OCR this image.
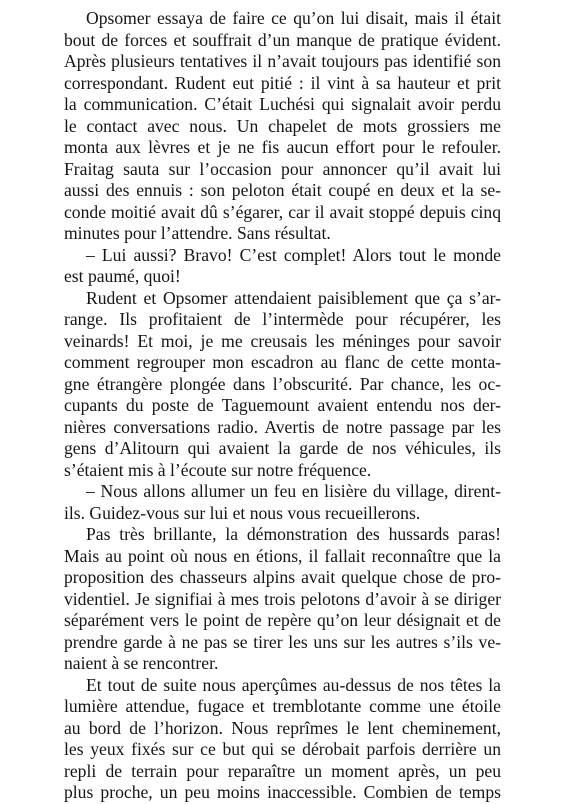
Opsomer essaya de faire ce qu’on lui disait, mais il était
bout de forces et souffrait d’un manque de pratique évident.
Après plusieurs tentatives il n’avait toujours pas identifié son
correspondant. Rudent eut pitié : il vint à sa hauteur et prit
la communication. C’était Luchési qui signalait avoir perdu
le contact avec nous. Un chapelet de mots grossiers me
monta aux lèvres et je ne fis aucun effort pour le refouler.
Fraitag sauta sur l’occasion pour annoncer qu’il avait lui
aussi des ennuis : son peloton était coupé en deux et la se-
conde moitié avait dû s’égarer, car il avait stoppé depuis cinq
minutes pour l’attendre. Sans résultat.
– Lui aussi? Bravo! C’est complet! Alors tout le monde
est paumé, quoi!
Rudent et Opsomer attendaient paisiblement que ça s’ar-
range. Ils profitaient de l’intermède pour récupérer, les
veinards! Et moi, je me creusais les méninges pour savoir
comment regrouper mon escadron au flanc de cette monta-
gne étrangère plongée dans l’obscurité. Par chance, les oc-
cupants du poste de Taguemount avaient entendu nos der-
nières conversations radio. Avertis de notre passage par les
gens d’Alitourn qui avaient la garde de nos véhicules, ils
s’étaient mis à l’écoute sur notre fréquence.
– Nous allons allumer un feu en lisière du village, dirent-
ils. Guidez-vous sur lui et nous vous recueillerons.
Pas très brillante, la démonstration des hussards paras!
Mais au point où nous en étions, il fallait reconnaître que la
proposition des chasseurs alpins avait quelque chose de pro-
videntiel. Je signifiai à mes trois pelotons d’avoir à se diriger
séparément vers le point de repère qu’on leur désignait et de
prendre garde à ne pas se tirer les uns sur les autres s’ils ve-
naient à se rencontrer.
Et tout de suite nous aperçûmes au-dessus de nos têtes la
lumière attendue, fugace et tremblotante comme une étoile
au bord de l’horizon. Nous reprîmes le lent cheminement,
les yeux fixés sur ce but qui se dérobait parfois derrière un
repli de terrain pour reparaître un moment après, un peu
plus proche, un peu moins inaccessible. Combien de temps
